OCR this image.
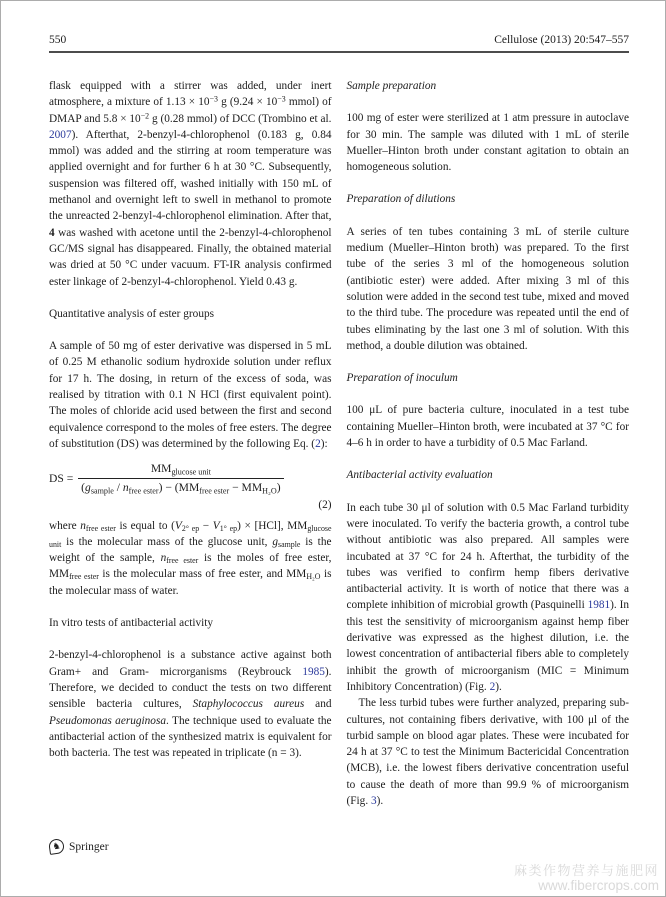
550	Cellulose (2013) 20:547–557

flask equipped with a stirrer was added, under inert atmosphere, a mixture of $1.13 \times 10^{-3}$ g ($9.24 \times 10^{-3}$ mmol) of DMAP and $5.8 \times 10^{-2}$ g (0.28 mmol) of DCC (Trombino et al. 2007). Afterthat, 2-benzyl-4-chlorophenol (0.183 g, 0.84 mmol) was added and the stirring at room temperature was applied overnight and for further 6 h at 30 °C. Subsequently, suspension was filtered off, washed initially with 150 mL of methanol and overnight left to swell in methanol to promote the unreacted 2-benzyl-4-chlorophenol elimination. After that, 4 was washed with acetone until the 2-benzyl-4-chlorophenol GC/MS signal has disappeared. Finally, the obtained material was dried at 50 °C under vacuum. FT-IR analysis confirmed ester linkage of 2-benzyl-4-chlorophenol. Yield 0.43 g.

Quantitative analysis of ester groups

A sample of 50 mg of ester derivative was dispersed in 5 mL of 0.25 M ethanolic sodium hydroxide solution under reflux for 17 h. The dosing, in return of the excess of soda, was realised by titration with 0.1 N HCl (first equivalent point). The moles of chloride acid used between the first and second equivalence correspond to the moles of free esters. The degree of substitution (DS) was determined by the following Eq. (2):

DS = $\frac{\text{MMglucose unit}}{\text{(gsample / nfree ester) − (MMfree ester − MMH₂O)}}$
(2)

where nfree ester is equal to (V2° ep − V1° ep) × [HCl], MMglucose unit is the molecular mass of the glucose unit, gsample is the weight of the sample, nfree ester is the moles of free ester, MMfree ester is the molecular mass of free ester, and MMH₂O is the molecular mass of water.

In vitro tests of antibacterial activity

2-benzyl-4-chlorophenol is a substance active against both Gram+ and Gram- microrganisms (Reybrouck 1985). Therefore, we decided to conduct the tests on two different sensible bacteria cultures, Staphylococcus aureus and Pseudomonas aeruginosa. The technique used to evaluate the antibacterial action of the synthesized matrix is equivalent for both bacteria. The test was repeated in triplicate (n = 3).

Sample preparation

100 mg of ester were sterilized at 1 atm pressure in autoclave for 30 min. The sample was diluted with 1 mL of sterile Mueller–Hinton broth under constant agitation to obtain an homogeneous solution.

Preparation of dilutions

A series of ten tubes containing 3 mL of sterile culture medium (Mueller–Hinton broth) was prepared. To the first tube of the series 3 ml of the homogeneous solution (antibiotic ester) were added. After mixing 3 ml of this solution were added in the second test tube, mixed and moved to the third tube. The procedure was repeated until the end of tubes eliminating by the last one 3 ml of solution. With this method, a double dilution was obtained.

Preparation of inoculum

100 μL of pure bacteria culture, inoculated in a test tube containing Mueller–Hinton broth, were incubated at 37 °C for 4–6 h in order to have a turbidity of 0.5 Mac Farland.

Antibacterial activity evaluation

In each tube 30 μl of solution with 0.5 Mac Farland turbidity were inoculated. To verify the bacteria growth, a control tube without antibiotic was also prepared. All samples were incubated at 37 °C for 24 h. Afterthat, the turbidity of the tubes was verified to confirm hemp fibers derivative antibacterial activity. It is worth of notice that there was a complete inhibition of microbial growth (Pasquinelli 1981). In this test the sensitivity of microorganism against hemp fiber derivative was expressed as the highest dilution, i.e. the lowest concentration of antibacterial fibers able to completely inhibit the growth of microorganism (MIC = Minimum Inhibitory Concentration) (Fig. 2).

The less turbid tubes were further analyzed, preparing sub-cultures, not containing fibers derivative, with 100 μl of the turbid sample on blood agar plates. These were incubated for 24 h at 37 °C to test the Minimum Bactericidal Concentration (MCB), i.e. the lowest fibers derivative concentration useful to cause the death of more than 99.9 % of microorganism (Fig. 3).

♞ Springer
麻类作物营养与施肥网
www.fibercrops.com
